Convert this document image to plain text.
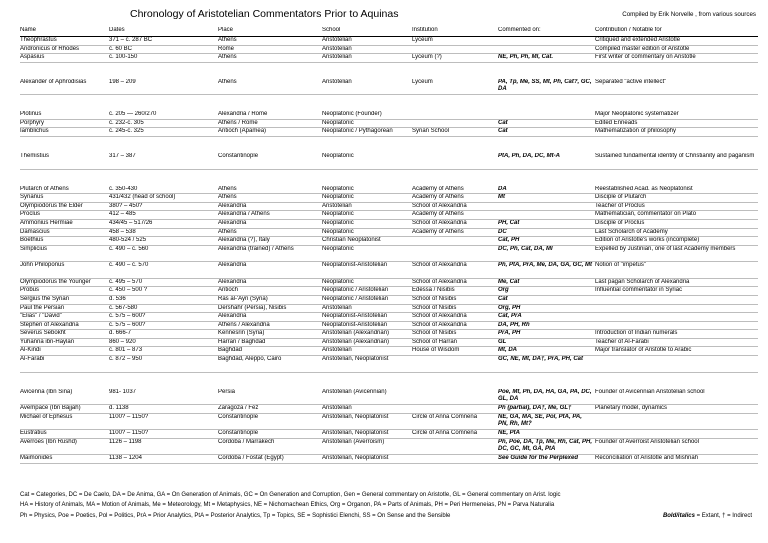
Chronology of Aristotelian Commentators Prior to Aquinas	Compiled by Erik Norvelle , from various sources
Name	Dates	Place	School	Institution	Commented on:	Contribution / Notable for
Theophrastus	371 – c. 287 BC	Athens	Aristotelian	Lyceum		Critiqued and extended Aristotle
Andronicus of Rhodes	c. 60 BC	Rome	Aristotelian			Compiled master edition of Aristotle
Aspasius	c. 100-150	Athens	Aristotelian	Lyceum (?)	NE, Ph, Ph, Ml, Cat.	First writer of commentary on Aristotle

Alexander of Aphrodisias	198 – 209	Athens	Aristotelian	Lyceum	PA, Tp, Me, SS, Mt, Ph, Cat?, GC, DA	Separated "active intellect"

Plotinus	c. 205 — 260/270	Alexandria / Rome	Neoplatonic (Founder)			Major Neoplatonic systematizer
Porphyry	c. 232-c. 305	Athens / Rome	Neoplatonic		Cat	Edited Enneads
Iamblichus	c. 245-c. 325	Antioch (Apamea)	Neoplatonic / Pythagorean	Syrian School	Cat	Mathematization of philosophy

Themistius	317 – 387	Constantinople	Neoplatonic		PtA, Ph, DA, DC, Mt-A	Sustained fundamental identity of Christianity and paganism

Plutarch of Athens	c. 350-430	Athens	Neoplatonic	Academy of Athens	DA	Reestablished Acad. as Neoplatonist
Syrianus	431/432 (head of school)	Athens	Neoplatonic	Academy of Athens	Mt	Disciple of Plutarch
Olympiodorus the Elder	380? – 450?	Alexandria	Aristotelian	School of Alexandria		Teacher of Proclus
Proclus	412 – 485	Alexandria / Athens	Neoplatonic	Academy of Athens		Mathematician, commentator on Plato
Ammonius Hermiae	434/45 – 517/26	Alexandria	Neoplatonic	School of Alexandria	PH, Cat	Disciple of Proclus
Damascius	458 – 538	Athens	Neoplatonic	Academy of Athens	DC	Last Scholarch of Academy
Boethius	480-524 / 525	Alexandria (?), Italy	Christian Neoplatonist		Cat, PH	Edition of Aristotle's works (incomplete)
Simplicius	c. 490 – c. 560	Alexandria (trained) / Athens	Neoplatonic		DC, Ph, Cat, DA, Ml	Expelled by Justinian, one of last Academy members
John Philoponus	c. 490 – c. 570	Alexandria	Neoplatonist-Aristotelian	School of Alexandria	Ph, PtA, PrA, Me, DA, GA, GC, Mt	Notion of "impetus"
Olympiodorus the Younger	c. 495 – 570	Alexandria	Neoplatonic	School of Alexandria	Me, Cat	Last pagan Scholarch of Alexandria
Probus	c. 450 – 500 ?	Antioch	Neoplatonic / Aristotelian	Edessa / Nisibis	Org	Influential commentator in Syriac
Sergius the Syrian	d. 536	Ras al-'Ayn (Syria)	Neoplatonic / Aristotelian	School of Nisibis	Cat	
Paul the Persian	c. 567-580	Dershahr (Persia), Nisibis	Aristotelian	School of Nisibis	Org, PH	
"Elias" / "David"	c. 575 – 600?	Alexandria	Neoplatonist-Aristotelian	School of Alexandria	Cat, PrA	
Stephen of Alexandria	c. 575 – 600?	Athens / Alexandria	Neoplatonist-Aristotelian	School of Alexandria	DA, PH, Rh	
Severus Sebokht	d. 666-7	Kennesrin (Syria)	Aristotelian (Alexandrian)	School of Nisibis	PrA, PH	Introduction of Indian numerals
Yuhanna ibn-Haylan	860 – 920	Harran / Baghdad	Aristotelian (Alexandrian)	School of Harran	GL	Teacher of Al-Farabi
Al-Kindi	c. 801 – 873	Baghdad	Aristotelian	House of Wisdom	Mt, DA	Major translator of Aristotle to Arabic
Al-Farabi	c. 872 – 950	Baghdad, Aleppo, Cairo	Aristotelian, Neoplatonist		GC, NE, Mt, DA†, PrA, PH, Cat	

Avicenna (Ibn Sina)	981- 1037	Persia	Aristotelian (Avicennian)		Poe, Mt, Ph, DA, HA, GA, PA, DC, GL, DA	Founder of Avicennian Aristotelian school
Avempace (Ibn Bâjjah)	d. 1138	Zaragoza / Fez	Aristotelian		Ph (partial), DA†, Me, GL†	Planetary model, dynamics
Michael of Ephesus	1100? – 1150?	Constantinople	Aristotelian, Neoplatonist	Circle of Anna Comnena	NE, GA, MA, SE, Pol, PtA, PA, PN, Rh, Mt?	
Eustratius	1100? – 1150?	Constantinople	Aristotelian, Neoplatonist	Circle of Anna Comnena	NE, PtA	
Averroes (Ibn Rushd)	1126 – 1198	Cordoba / Marrakech	Aristotelian (Averroism)		Ph, Poe, DA, Tp, Me, Rh, Cat, PH, DC, GC, Mt, GA, PtA	Founder of Averroist Aristotelian school
Maimonides	1138 – 1204	Cordoba / Fostat (Egypt)	Aristotelian, Neoplatonist		See Guide for the Perplexed	Reconciliation of Aristotle and Mishnah
Cat = Categories, DC = De Caelo, DA = De Anima, GA = On Generation of Animals, GC = On Generation and Corruption, Gen = General commentary on Aristotle, GL = General commentary on Arist. logic
HA = History of Animals, MA = Motion of Animals, Me = Meteorology, Mt = Metaphysics, NE = Nichomachean Ethics, Org = Organon, PA = Parts of Animals, PH = Peri Hermeneias, PN = Parva Naturalia
Ph = Physics, Poe = Poetics, Pol = Politics, PrA = Prior Analytics, PtA = Posterior Analytics, Tp = Topics, SE = Sophistici Elenchi, SS = On Sense and the Sensible	Bold/italics = Extant, † = Indirect
